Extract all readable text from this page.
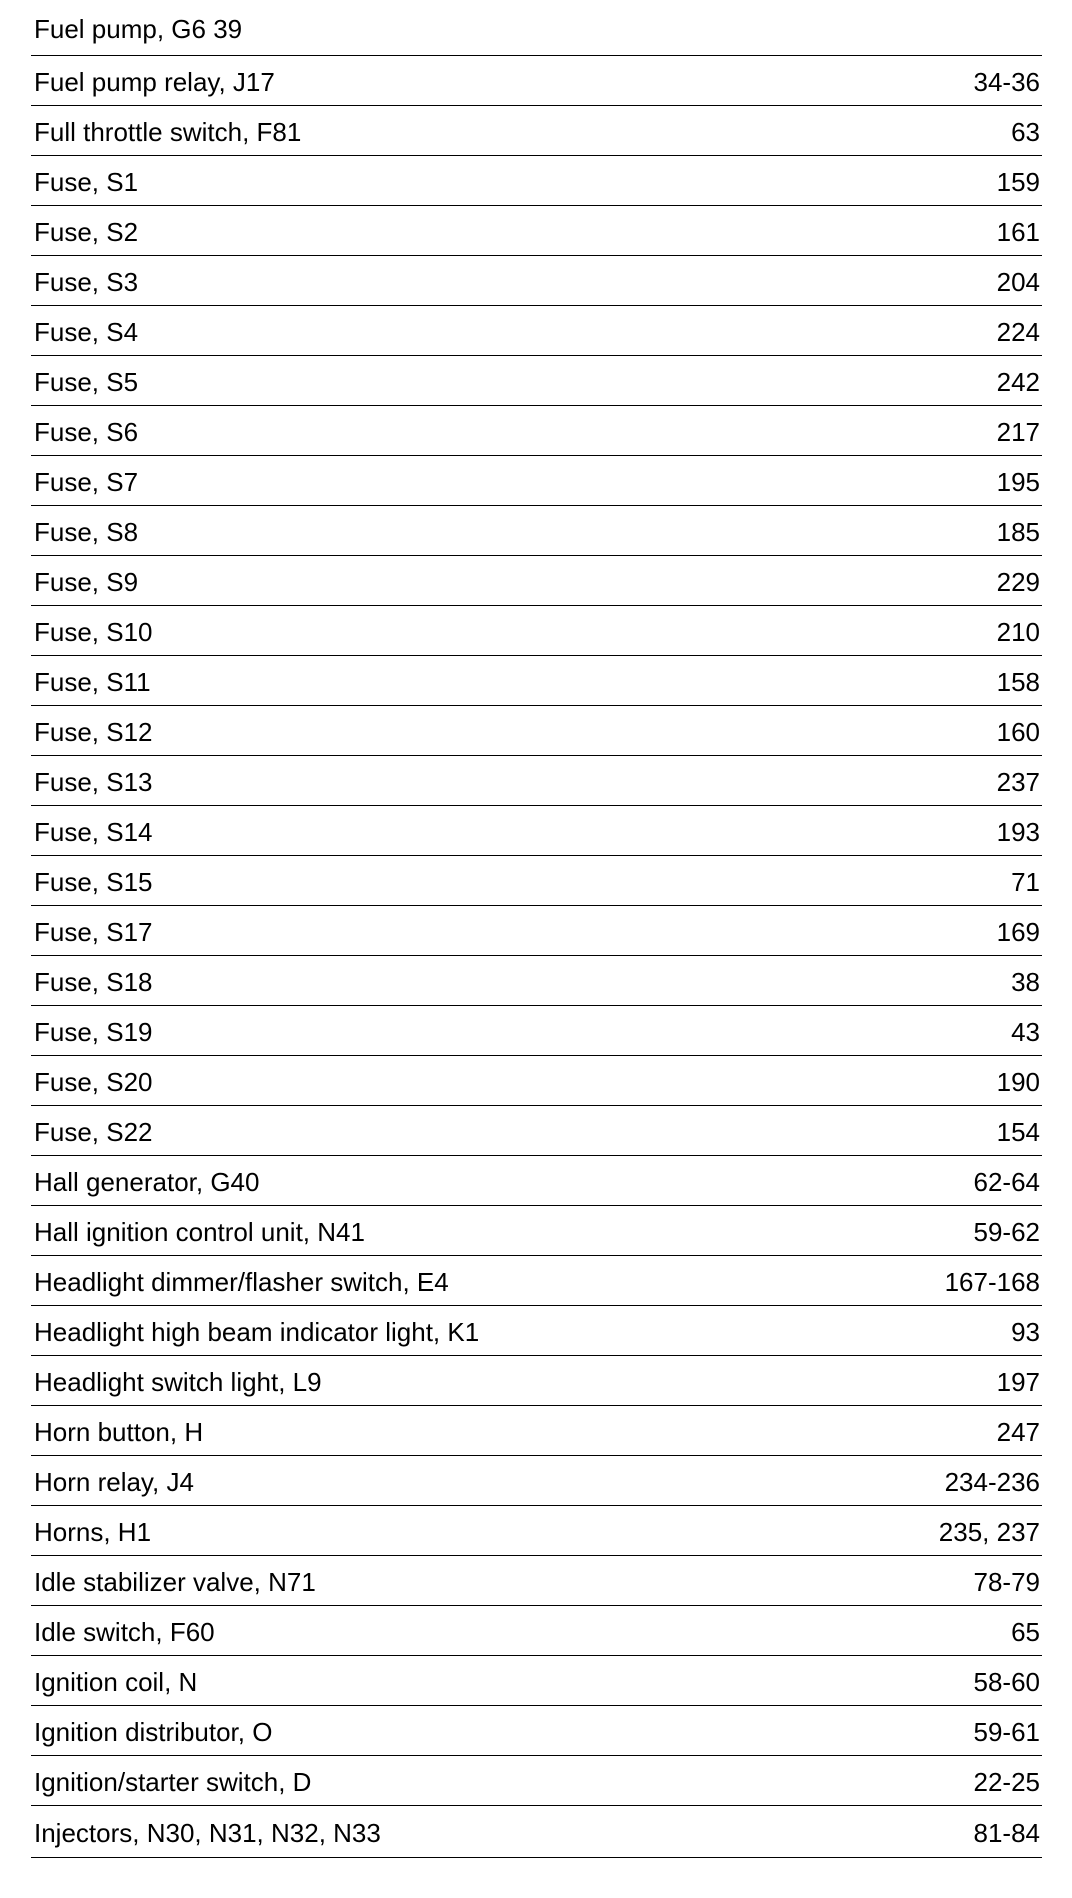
Fuel pump, G6 39
Fuel pump relay, J17	34-36
Full throttle switch, F81	63
Fuse, S1	159
Fuse, S2	161
Fuse, S3	204
Fuse, S4	224
Fuse, S5	242
Fuse, S6	217
Fuse, S7	195
Fuse, S8	185
Fuse, S9	229
Fuse, S10	210
Fuse, S11	158
Fuse, S12	160
Fuse, S13	237
Fuse, S14	193
Fuse, S15	71
Fuse, S17	169
Fuse, S18	38
Fuse, S19	43
Fuse, S20	190
Fuse, S22	154
Hall generator, G40	62-64
Hall ignition control unit, N41	59-62
Headlight dimmer/flasher switch, E4	167-168
Headlight high beam indicator light, K1	93
Headlight switch light, L9	197
Horn button, H	247
Horn relay, J4	234-236
Horns, H1	235, 237
Idle stabilizer valve, N71	78-79
Idle switch, F60	65
Ignition coil, N	58-60
Ignition distributor, O	59-61
Ignition/starter switch, D	22-25
Injectors, N30, N31, N32, N33	81-84
